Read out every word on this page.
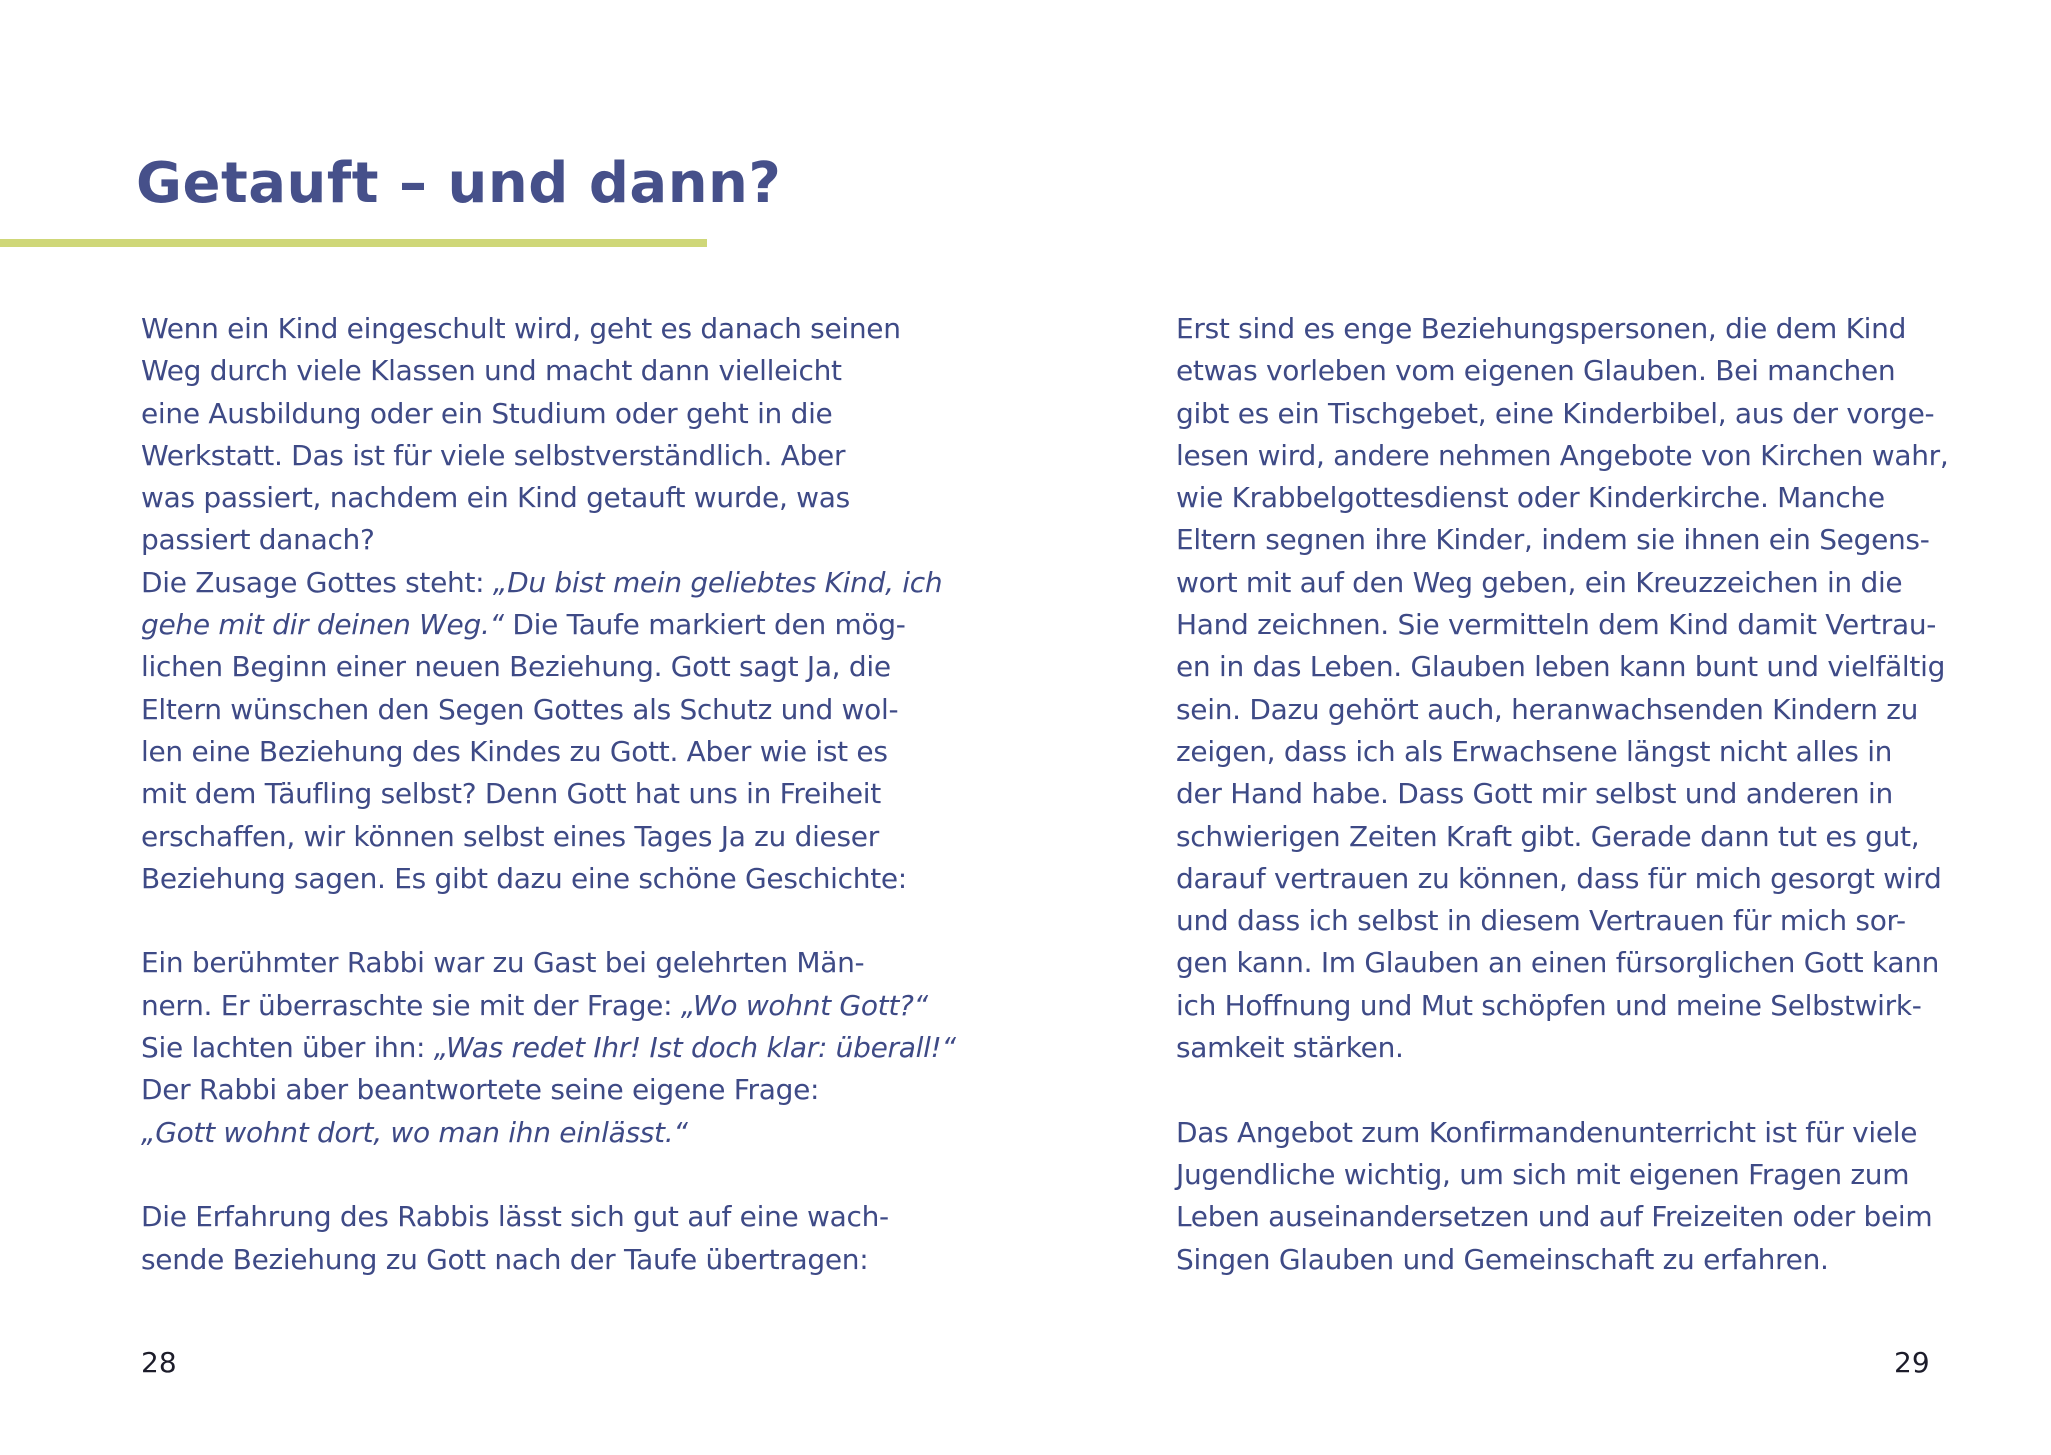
Getauft – und dann?
Wenn ein Kind eingeschult wird, geht es danach seinen
Weg durch viele Klassen und macht dann vielleicht
eine Ausbildung oder ein Studium oder geht in die
Werkstatt. Das ist für viele selbstverständlich. Aber
was passiert, nachdem ein Kind getauft wurde, was
passiert danach?
Die Zusage Gottes steht: „Du bist mein geliebtes Kind, ich
gehe mit dir deinen Weg.“ Die Taufe markiert den mög-
lichen Beginn einer neuen Beziehung. Gott sagt Ja, die
Eltern wünschen den Segen Gottes als Schutz und wol-
len eine Beziehung des Kindes zu Gott. Aber wie ist es
mit dem Täufling selbst? Denn Gott hat uns in Freiheit
erschaffen, wir können selbst eines Tages Ja zu dieser
Beziehung sagen. Es gibt dazu eine schöne Geschichte:
Ein berühmter Rabbi war zu Gast bei gelehrten Män-
nern. Er überraschte sie mit der Frage: „Wo wohnt Gott?“
Sie lachten über ihn: „Was redet Ihr! Ist doch klar: überall!“
Der Rabbi aber beantwortete seine eigene Frage:
„Gott wohnt dort, wo man ihn einlässt.“
Die Erfahrung des Rabbis lässt sich gut auf eine wach-
sende Beziehung zu Gott nach der Taufe übertragen:
Erst sind es enge Beziehungspersonen, die dem Kind
etwas vorleben vom eigenen Glauben. Bei manchen
gibt es ein Tischgebet, eine Kinderbibel, aus der vorge-
lesen wird, andere nehmen Angebote von Kirchen wahr,
wie Krabbelgottesdienst oder Kinderkirche. Manche
Eltern segnen ihre Kinder, indem sie ihnen ein Segens-
wort mit auf den Weg geben, ein Kreuzzeichen in die
Hand zeichnen. Sie vermitteln dem Kind damit Vertrau-
en in das Leben. Glauben leben kann bunt und vielfältig
sein. Dazu gehört auch, heranwachsenden Kindern zu
zeigen, dass ich als Erwachsene längst nicht alles in
der Hand habe. Dass Gott mir selbst und anderen in
schwierigen Zeiten Kraft gibt. Gerade dann tut es gut,
darauf vertrauen zu können, dass für mich gesorgt wird
und dass ich selbst in diesem Vertrauen für mich sor-
gen kann. Im Glauben an einen fürsorglichen Gott kann
ich Hoffnung und Mut schöpfen und meine Selbstwirk-
samkeit stärken.
Das Angebot zum Konfirmandenunterricht ist für viele
Jugendliche wichtig, um sich mit eigenen Fragen zum
Leben auseinandersetzen und auf Freizeiten oder beim
Singen Glauben und Gemeinschaft zu erfahren.
28	29
